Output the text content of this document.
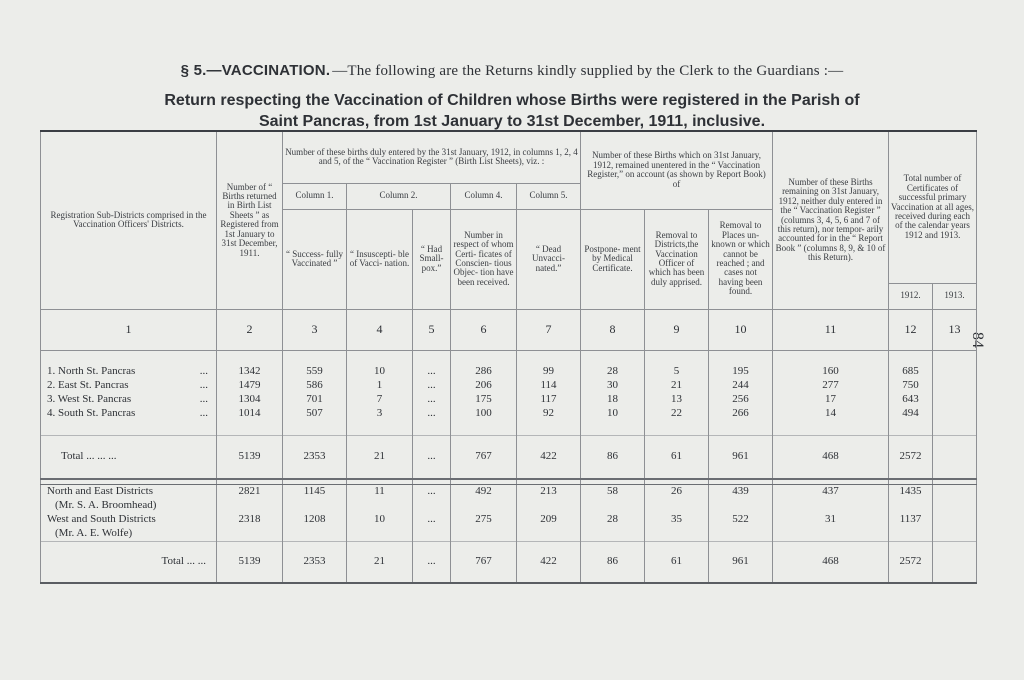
§ 5.—VACCINATION. —The following are the Returns kindly supplied by the Clerk to the Guardians :—
Return respecting the Vaccination of Children whose Births were registered in the Parish of
Saint Pancras, from 1st January to 31st December, 1911, inclusive.
84
Registration Sub-Districts comprised in the Vaccination Officers' Districts.	Number of “ Births returned in Birth List Sheets ” as Registered from 1st January to 31st December, 1911.	Number of these births duly entered by the 31st January, 1912, in columns 1, 2, 4 and 5, of the “ Vaccination Register ” (Birth List Sheets), viz. :					Number of these Births which on 31st January, 1912, remained unentered in the “ Vaccination Register,” on account (as shown by Report Book) of			Number of these Births remaining on 31st January, 1912, neither duly entered in the “ Vaccination Register ” (columns 3, 4, 5, 6 and 7 of this return), nor tempor- arily accounted for in the “ Report Book ” (columns 8, 9, & 10 of this Return).	Total number of Certificates of successful primary Vaccination at all ages, received during each of the calendar years 1912 and 1913.	
		Column 1.	Column 2.		Column 4.	Column 5.						
		“ Success- fully Vaccinated ”	“ Insuscepti- ble of Vacci- nation.	“ Had Small- pox.”	Number in respect of whom Certi- ficates of Conscien- tious Objec- tion have been received.	“ Dead Unvacci- nated.”	Postpone- ment by Medical Certificate.	Removal to Districts,the Vaccination Officer of which has been duly apprised.	Removal to Places un- known or which cannot be reached ; and cases not having been found.			
											1912.	1913.
1	2	3	4	5	6	7	8	9	10	11	12	13

1. North St. Pancras ...	1342	559	10	...	286	99	28	5	195	160	685	
2. East St. Pancras ...	1479	586	1	...	206	114	30	21	244	277	750	
3. West St. Pancras ...	1304	701	7	...	175	117	18	13	256	17	643	
4. South St. Pancras ...	1014	507	3	...	100	92	10	22	266	14	494	

Total ... ... ...	5139	2353	21	...	767	422	86	61	961	468	2572	

North and East Districts	2821	1145	11	...	492	213	58	26	439	437	1435	
(Mr. S. A. Broomhead)												
West and South Districts	2318	1208	10	...	275	209	28	35	522	31	1137	
(Mr. A. E. Wolfe)												
Total ... ...	5139	2353	21	...	767	422	86	61	961	468	2572	
